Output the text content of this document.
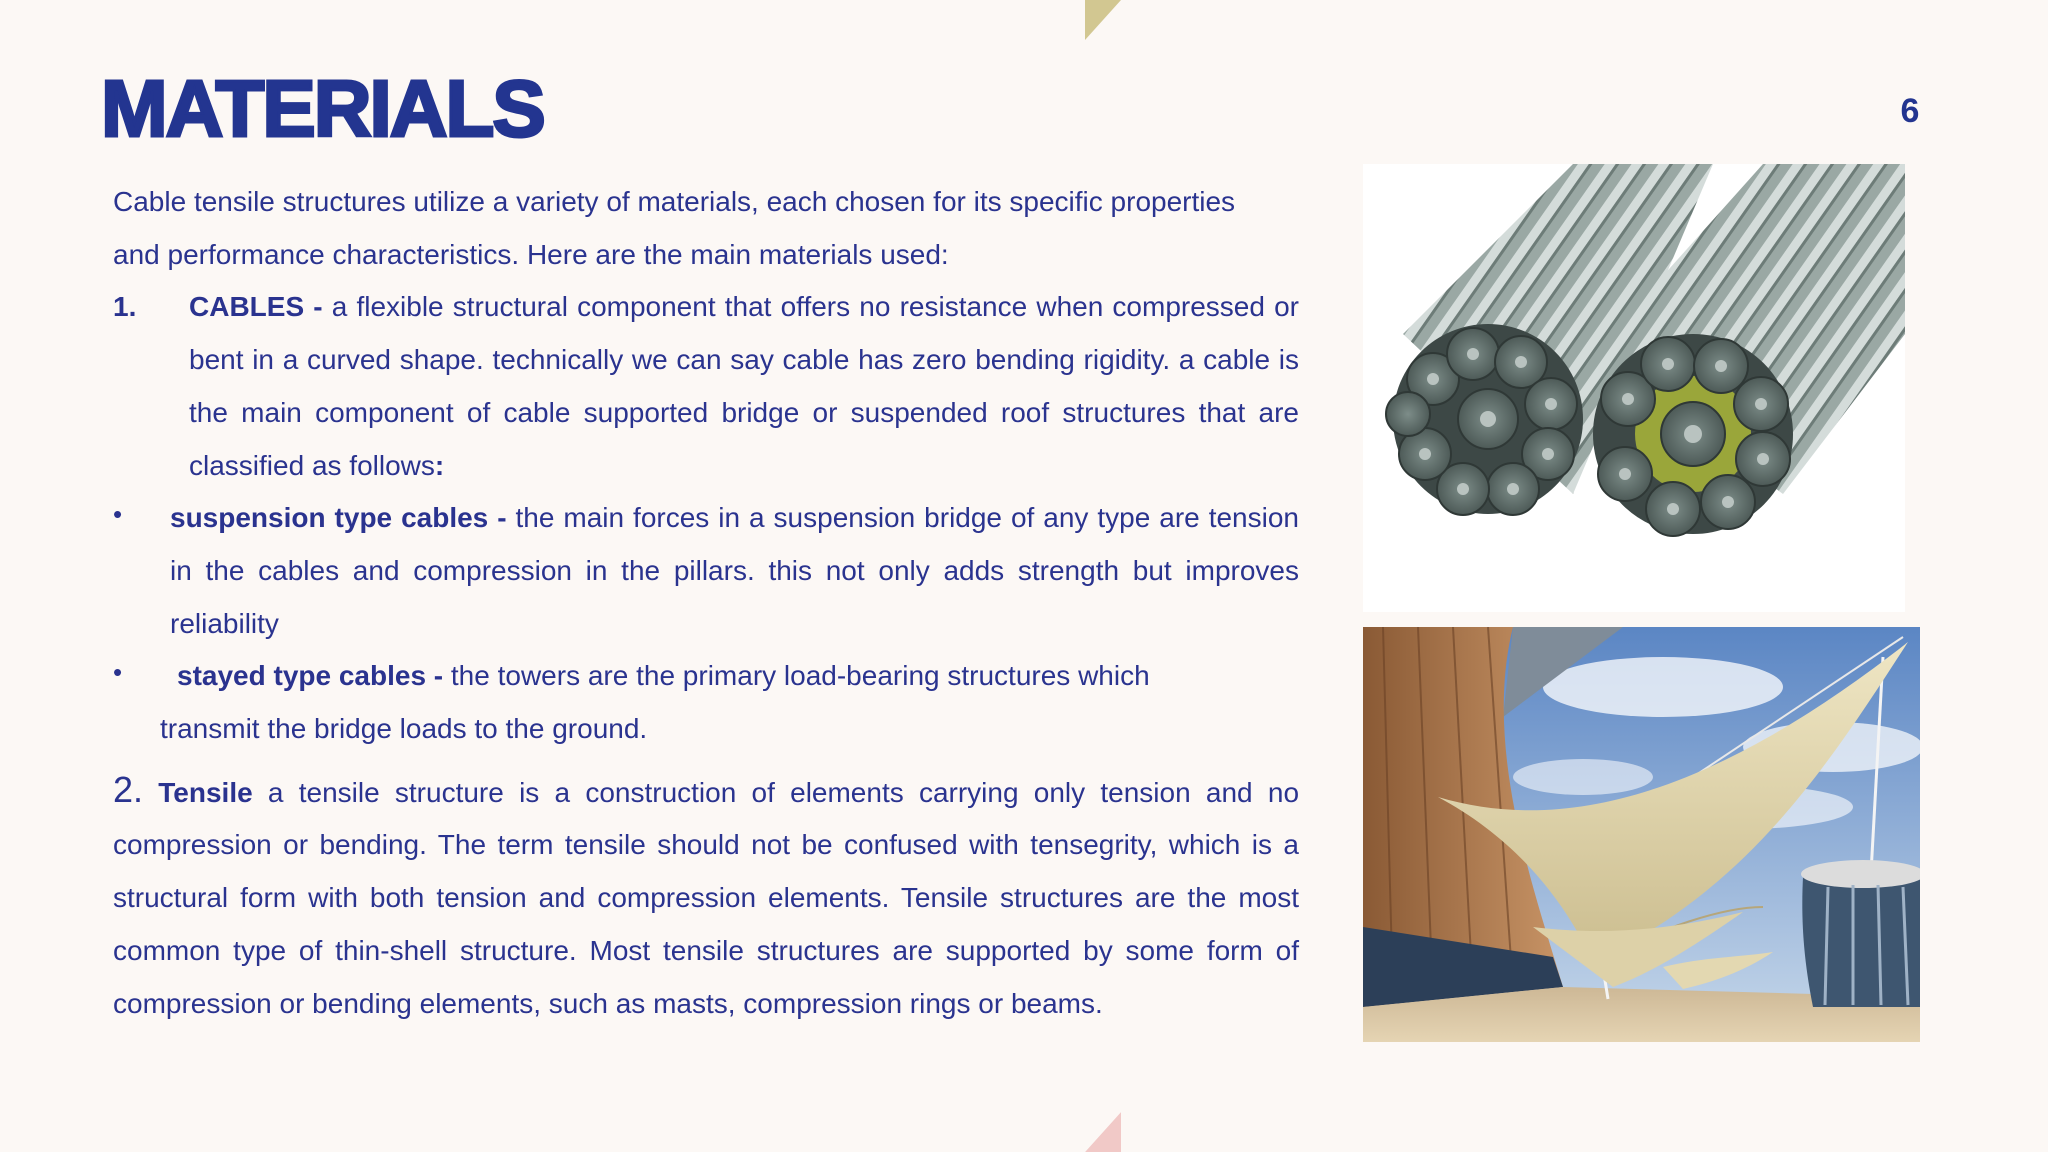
MATERIALS	6

Cable tensile structures utilize a variety of materials, each chosen for its specific properties

and performance characteristics. Here are the main materials used:

1.	CABLES - a flexible structural component that offers no resistance when compressed or bent in a curved shape. technically we can say cable has zero bending rigidity. a cable is the main component of cable supported bridge or suspended roof structures that are classified as follows:

•	suspension type cables - the main forces in a suspension bridge of any type are tension in the cables and compression in the pillars. this not only adds strength but improves reliability

•	stayed type cables - the towers are the primary load-bearing structures which

transmit the bridge loads to the ground.

2. Tensile a tensile structure is a construction of elements carrying only tension and no compression or bending. The term tensile should not be confused with tensegrity, which is a structural form with both tension and compression elements. Tensile structures are the most common type of thin-shell structure. Most tensile structures are supported by some form of compression or bending elements, such as masts, compression rings or beams.
